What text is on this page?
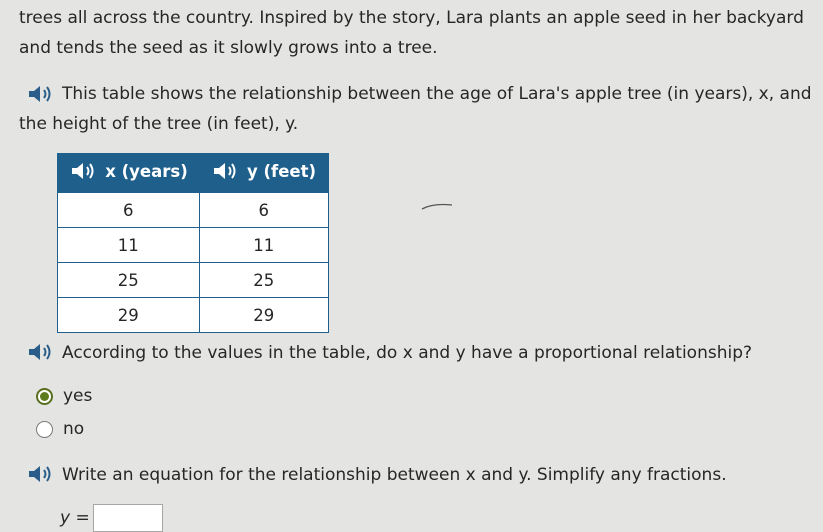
trees all across the country. Inspired by the story, Lara plants an apple seed in her backyard
and tends the seed as it slowly grows into a tree.
This table shows the relationship between the age of Lara's apple tree (in years), x, and
the height of the tree (in feet), y.
x (years)	y (feet)

6	6
11	11
25	25
29	29
According to the values in the table, do x and y have a proportional relationship?
yes
no
Write an equation for the relationship between x and y. Simplify any fractions.
y =
